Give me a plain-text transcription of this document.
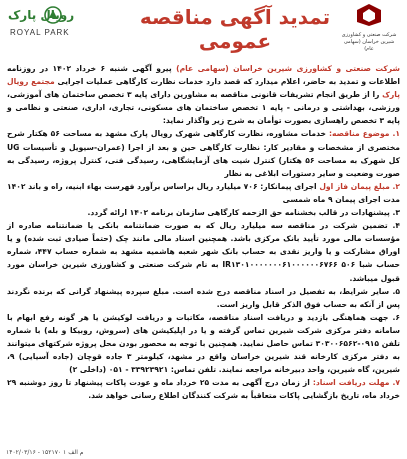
رویال پارک
ROYAL PARK
تمدید آگهی مناقصه عمومی	شرکت صنعتی و کشاورزی شیرین خراسان (سهامی عام)

شرکت صنعتی و کشاورزی شیرین خراسان (سهامی عام) پیرو آگهی شنبه ۶ خرداد ۱۴۰۲ در روزنامه اطلاعات و تمدید به حاضر، اعلام میدارد که قصد دارد خدمات نظارت کارگاهی عملیات اجرایی مجتمع رویال پارک را از طریق انجام تشریفات قانونی مناقصه به مشاورین دارای پایه ۳ تخصص ساختمان های آموزشی، ورزشی، بهداشتی و درمانی - پایه ۱ تخصص ساختمان های مسکونی، تجاری، اداری، صنعتی و نظامی و پایه ۳ تخصص راهسازی بصورت توأمان به شرح زیر واگذار نماید:

۱. موضوع مناقصه: خدمات مشاوره، نظارت کارگاهی شهرک رویال پارک مشهد به مساحت ۵۶ هکتار شرح مختصری از مشخصات و مقادیر کار: نظارت کارگاهی حین و بعد از اجرا (عمران-سیویل و تأسیسات UG کل شهرک به مساحت ۵۶ هکتار) کنترل شیت های آزمایشگاهی، رسیدگی فنی، کنترل پروژه، رسیدگی به صورت وضعیت و سایر دستورات ابلاغی به نظار

۲. مبلغ پیمان فاز اول اجرای پیمانکار: ۷۰۶ میلیارد ریال براساس برآورد فهرست بهاء ابنیه، راه و باند ۱۴۰۲ مدت اجرای پیمان ۹ ماه شمسی

۳. پیشنهادات در قالب بخشنامه حق الزحمه کارگاهی سازمان برنامه ۱۴۰۲ ارائه گردد.

۴. تضمین شرکت در مناقصه سه میلیارد ریال که به صورت ضمانتنامه بانکی یا ضمانتنامه صادره از مؤسسات مالی مورد تأیید بانک مرکزی باشد. همچنین اسناد مالی مانند چک (حتماً صیادی ثبت شده) و یا اوراق مشارکت و یا واریز نقدی به حساب بانک شهر شعبه هاشمیه مشهد به شماره حساب ۴۴۷، شماره حساب شبا IR۱۳۰۱۰۰۰۰۰۰۰۶۱۰۰۰۰۰۰۶۷۶۶ ۵۰۶ به نام شرکت صنعتی و کشاورزی شیرین خراسان مورد قبول میباشد.

۵. سایر شرایط، به تفصیل در اسناد مناقصه درج شده است. مبلغ سپرده پیشنهاد گرانی که برنده نگردند پس از آنکه به حساب فوق الذکر قابل واریز است.

۶. جهت هماهنگی بازدید و دریافت اسناد مناقصه، مکاتبات و دریافت لوکیشن یا هر گونه رفع ابهام با سامانه دفتر مرکزی شرکت شیرین تماس گرفته و یا در اپلیکیشن های (سروش، روبیکا و بله) با شماره تلفن ۰۹۱۵-۳۰۳۰۰۶۵۶۲ تماس حاصل نمایید. همچنین با توجه به محصور بودن محل پروژه شرکتهای میتوانند به دفتر مرکزی کارخانه قند شیرین خراسان واقع در مشهد، کیلومتر ۳ جاده قوچان (جاده آسیایی) ۹، شیرین، گاه شیرین، واحد دبیرخانه مراجعه نمایند. تلفن تماس: ۳۳۹۲۳۹۲۱ - ۰۵۱ (داخلی ۲)

۷. مهلت دریافت اسناد: از زمان درج آگهی به مدت ۲۵ خرداد ماه و عودت پاکات پیشنهاد تا روز دوشنبه ۲۹ خرداد ماه، تاریخ بازگشایی پاکات متعاقباً به شرکت کنندگان اطلاع رسانی خواهد شد.

۱۴۰۲/۰۳/۱۶ - ۱۵۲۱۷۰ ۱ م الف
